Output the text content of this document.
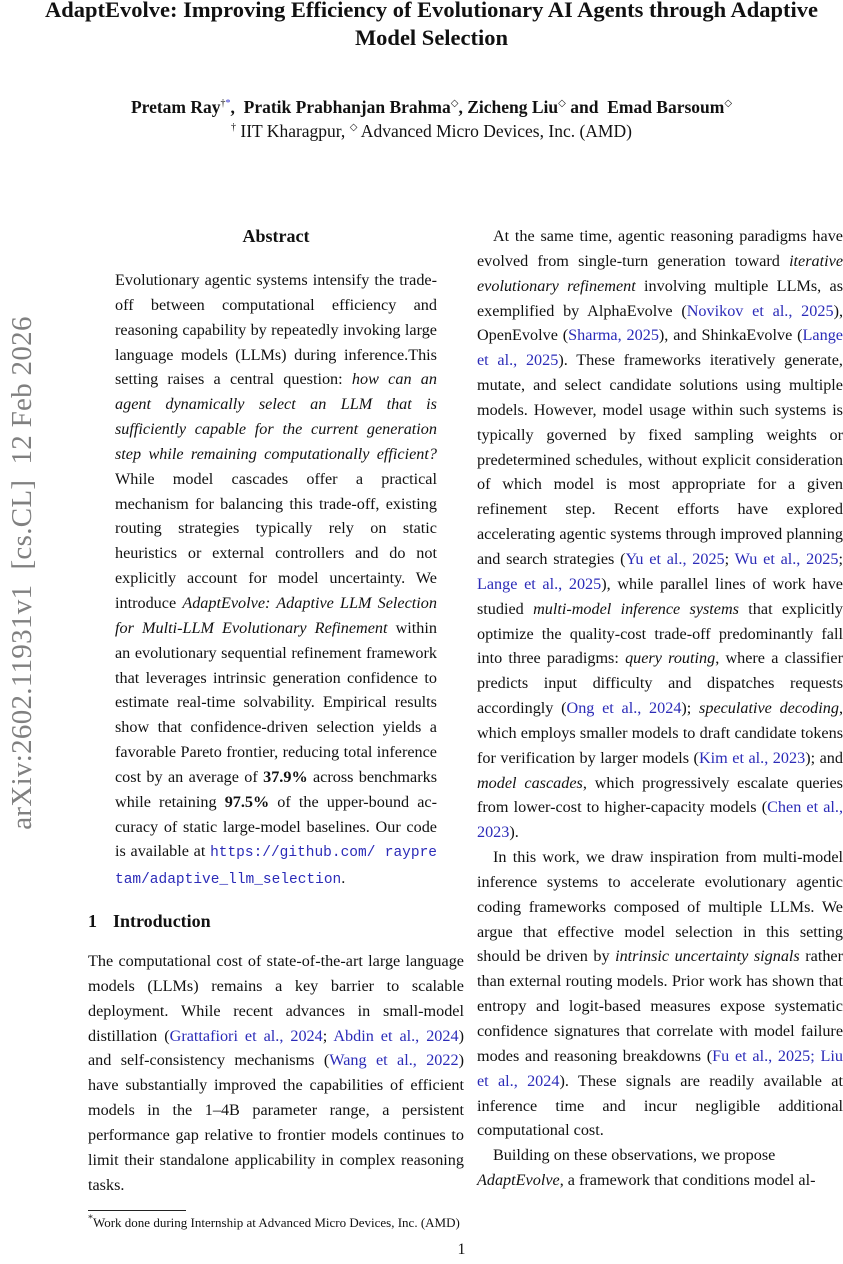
arXiv:2602.11931v1  [cs.CL]  12 Feb 2026
AdaptEvolve: Improving Efficiency of Evolutionary AI Agents through Adaptive Model Selection
Pretam Ray†*,  Pratik Prabhanjan Brahma◇, Zicheng Liu◇ and  Emad Barsoum◇
† IIT Kharagpur, ◇ Advanced Micro Devices, Inc. (AMD)
Abstract

Evolutionary agentic systems intensify the trade-off between computational efficiency and reasoning capability by repeatedly invoking large language models (LLMs) during inference.This setting raises a central question: how can an agent dynamically select an LLM that is sufficiently capable for the current generation step while remaining computationally efficient? While model cascades offer a practical mechanism for balancing this trade-off, existing routing strategies typically rely on static heuristics or external controllers and do not explicitly account for model uncertainty. We introduce AdaptEvolve: Adaptive LLM Selection for Multi-LLM Evolutionary Refinement within an evolutionary sequential refinement framework that leverages intrinsic generation confidence to estimate real-time solvability. Empirical results show that confidence-driven selection yields a favorable Pareto frontier, reducing total inference cost by an average of 37.9% across benchmarks while retaining 97.5% of the upper-bound accuracy of static large-model baselines. Our code is available at https://github.com/ raypretam/adaptive_llm_selection.

1 Introduction

The computational cost of state-of-the-art large language models (LLMs) remains a key barrier to scalable deployment. While recent advances in small-model distillation (Grattafiori et al., 2024; Abdin et al., 2024) and self-consistency mechanisms (Wang et al., 2022) have substantially improved the capabilities of efficient models in the 1–4B parameter range, a persistent performance gap relative to frontier models continues to limit their standalone applicability in complex reasoning tasks.

*Work done during Internship at Advanced Micro Devices, Inc. (AMD)

At the same time, agentic reasoning paradigms have evolved from single-turn generation toward iterative evolutionary refinement involving multiple LLMs, as exemplified by AlphaEvolve (Novikov et al., 2025), OpenEvolve (Sharma, 2025), and ShinkaEvolve (Lange et al., 2025). These frameworks iteratively generate, mutate, and select candidate solutions using multiple models. However, model usage within such systems is typically governed by fixed sampling weights or predetermined schedules, without explicit consideration of which model is most appropriate for a given refinement step. Recent efforts have explored accelerating agentic systems through improved planning and search strategies (Yu et al., 2025; Wu et al., 2025; Lange et al., 2025), while parallel lines of work have studied multi-model inference systems that explicitly optimize the quality-cost trade-off predominantly fall into three paradigms: query routing, where a classifier predicts input difficulty and dispatches requests accordingly (Ong et al., 2024); speculative decoding, which employs smaller models to draft candidate tokens for verification by larger models (Kim et al., 2023); and model cascades, which progressively escalate queries from lower-cost to higher-capacity models (Chen et al., 2023).

In this work, we draw inspiration from multi-model inference systems to accelerate evolutionary agentic coding frameworks composed of multiple LLMs. We argue that effective model selection in this setting should be driven by intrinsic uncertainty signals rather than external routing models. Prior work has shown that entropy and logit-based measures expose systematic confidence signatures that correlate with model failure modes and reasoning breakdowns (Fu et al., 2025; Liu et al., 2024). These signals are readily available at inference time and incur negligible additional computational cost.

Building on these observations, we propose AdaptEvolve, a framework that conditions model al-

1
